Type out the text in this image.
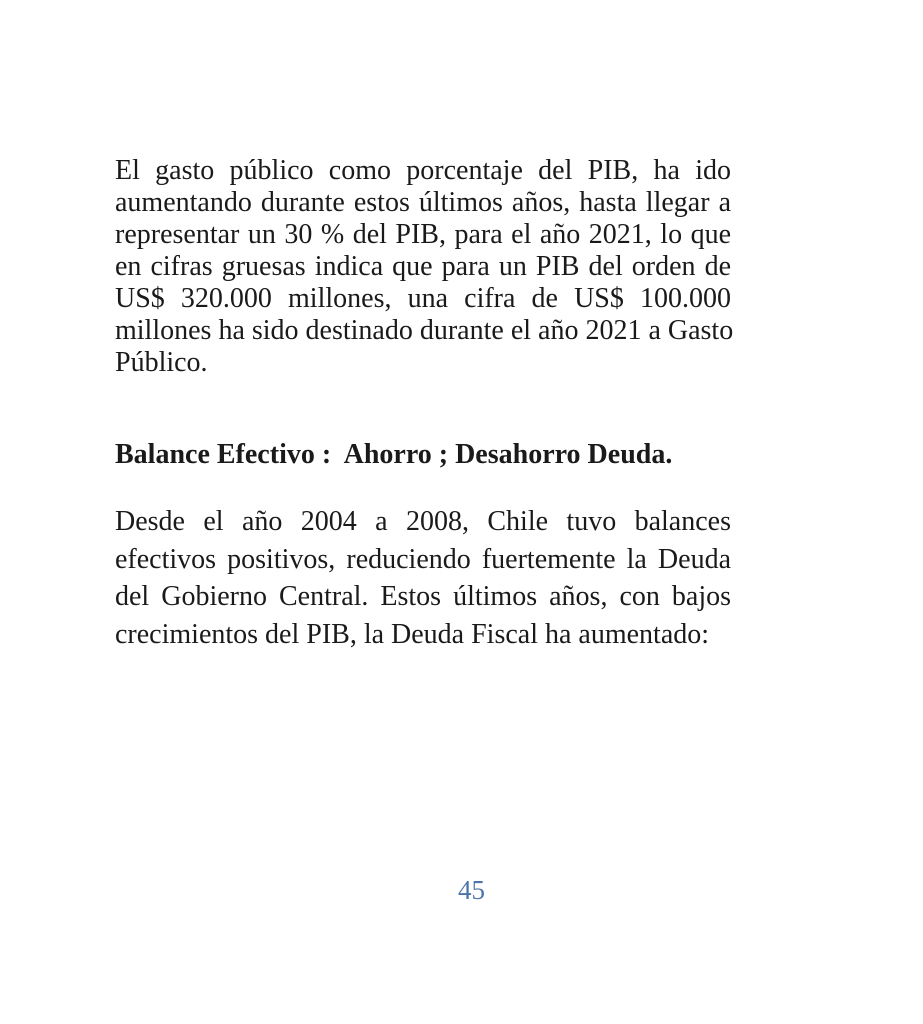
El gasto público como porcentaje del PIB, ha ido
aumentando durante estos últimos años, hasta llegar a
representar un 30 % del PIB, para el año 2021, lo que
en cifras gruesas indica que para un PIB del orden de
US$ 320.000 millones, una cifra de US$ 100.000
millones ha sido destinado durante el año 2021 a Gasto
Público.
Balance Efectivo :  Ahorro ; Desahorro Deuda.
Desde el año 2004 a 2008, Chile tuvo balances
efectivos positivos, reduciendo fuertemente la Deuda
del Gobierno Central. Estos últimos años, con bajos
crecimientos del PIB, la Deuda Fiscal ha aumentado:
45
